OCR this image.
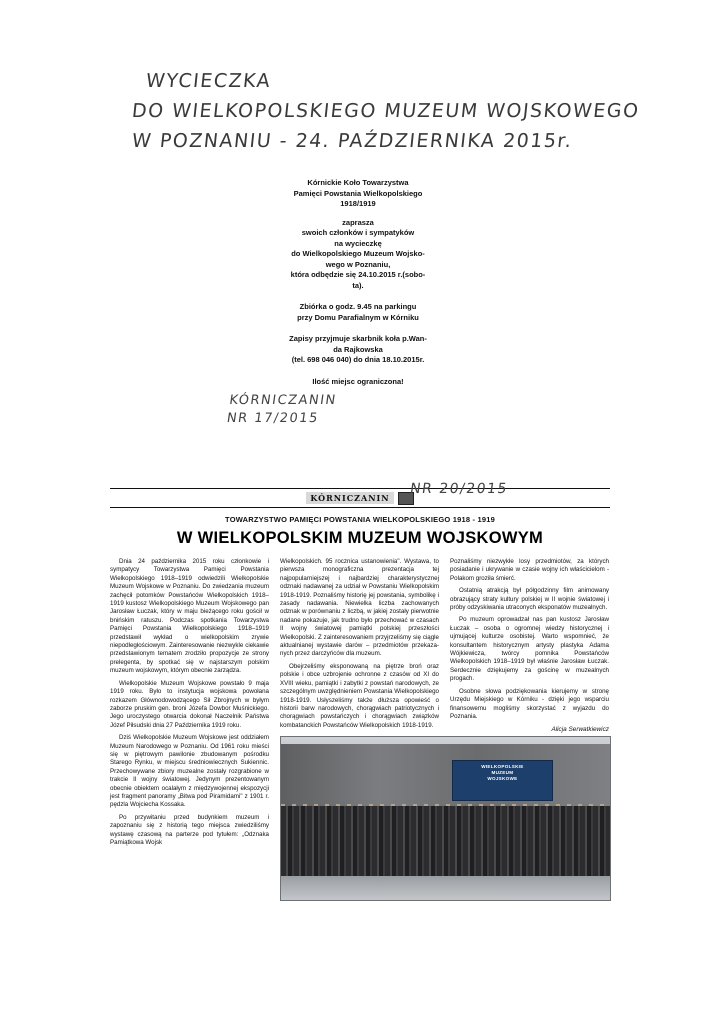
WYCIECZKA
DO WIELKOPOLSKIEGO MUZEUM WOJSKOWEGO
W POZNANIU - 24. PAŹDZIERNIKA 2015r.
Kórnickie Koło Towarzystwa
Pamięci Powstania Wielkopolskiego
1918/1919
zaprasza
swoich członków i sympatyków
na wycieczkę
do Wielkopolskiego Muzeum Wojsko-
wego w Poznaniu,
która odbędzie się 24.10.2015 r.(sobo-
ta).
Zbiórka o godz. 9.45 na parkingu
przy Domu Parafialnym w Kórniku
Zapisy przyjmuje skarbnik koła p.Wan-
da Rajkowska
(tel. 698 046 040) do dnia 18.10.2015r.
Ilość miejsc ograniczona!
KÓRNICZANIN
NR 17/2015
KÓRNICZANIN
NR 20/2015
TOWARZYSTWO PAMIĘCI POWSTANIA WIELKOPOLSKIEGO 1918 - 1919
W WIELKOPOLSKIM MUZEUM WOJSKOWYM

Dnia 24 października 2015 roku członkowie i sympatycy Towarzystwa Pamięci Powstania Wielkopolskiego 1918–1919 odwiedzili Wielkopolskie Muzeum Wojskowe w Poznaniu. Do zwiedzania muzeum zachęcił potomków Powstańców Wielkopolskich 1918–1919 kustosz Wielkopolskiego Muzeum Wojskowego pan Jarosław Łuczak, który w maju bieżącego roku gościł w bnińskim ratuszu. Podczas spotkania Towarzystwa Pamięci Powstania Wielkopolskiego 1918–1919 przedstawił wykład o wielkopolskim zrywie niepodległościowym. Zainteresowanie niezwykle ciekawie przedstawionym tematem zrodziło propozycje ze strony prelegenta, by spotkać się w najstarszym polskim muzeum wojskowym, którym obecnie zarządza.

Wielkopolskie Muzeum Wojskowe powstało 9 maja 1919 roku. Było to instytucja wojskowa powołana rozkazem Głównodowodzącego Sił Zbrojnych w byłym zaborze pruskim gen. broni Józefa Dowbor Muśnickiego. Jego uroczystego otwarcia dokonał Naczelnik Państwa Józef Piłsudski dnia 27 Października 1919 roku.

Dziś Wielkopolskie Muzeum Wojskowe jest oddziałem Muzeum Narodowego w Poznaniu. Od 1961 roku mieści się w piętrowym pawilonie zbudowanym pośrodku Starego Rynku, w miejscu średniowiecznych Sukiennic. Przechowywane zbiory muzealne zostały rozgrabione w trakcie II wojny światowej. Jedynym prezentowanym obecnie obiektem ocalałym z międzywojennej ekspozycji jest fragment panoramy „Bitwa pod Piramidami" z 1901 r. pędzla Wojciecha Kossaka.

Po przywitaniu przed budynkiem muzeum i zapoznaniu się z historią tego miejsca zwiedziliśmy wystawę czasową na parterze pod tytułem: „Odznaka Pamiątkowa Wojsk

Wielkopolskich. 95 rocznica ustanowienia". Wystawa, to pierwsza monograficzna prezentacja tej najpopularniejszej i najbardziej charakterystycznej odznaki nadawanej za udział w Powstaniu Wielkopolskim 1918-1919. Poznaliśmy historię jej powstania, symbolikę i zasady nadawania. Niewielka liczba zachowanych odznak w porównaniu z liczbą, w jakiej zostały pierwotnie nadane pokazuje, jak trudno było przechować w czasach II wojny światowej pamiątki polskiej przeszłości Wielkopolski. Z zainteresowaniem przyjrzeliśmy się ciągle aktualnianej wystawie darów – przedmiotów przekazanych przez darczyńców dla muzeum.

Obejrzeliśmy eksponowaną na piętrze broń oraz polskie i obce uzbrojenie ochronne z czasów od XI do XVIII wieku, pamiątki i zabytki z powstań narodowych, ze szczególnym uwzględnieniem Powstania Wielkopolskiego 1918-1919. Usłyszeliśmy także dłuższa opowieść o historii barw narodowych, chorągwiach patriotycznych i chorągwiach powstańczych i chorągwiach związków kombatanckich Powstańców Wielkopolskich 1918-1919.

WIELKOPOLSKIE
MUZEUM
WOJSKOWE

Poznaliśmy niezwykłe losy przedmiotów, za których posiadanie i ukrywanie w czasie wojny ich właścicielom - Polakom groziła śmierć.

Ostatnią atrakcją był półgodzinny film animowany obrazujący straty kultury polskiej w II wojnie światowej i próby odzyskiwania utraconych eksponatów muzealnych.

Po muzeum oprowadzał nas pan kustosz Jarosław Łuczak – osoba o ogromnej wiedzy historycznej i ujmującej kulturze osobistej. Warto wspomnieć, że konsultantem historycznym artysty plastyka Adama Wójkiewicza, twórcy pomnika Powstańców Wielkopolskich 1918–1919 był właśnie Jarosław Łuczak. Serdecznie dziękujemy za gościnę w muzealnych progach.

Osobne słowa podziękowania kierujemy w stronę Urzędu Miejskiego w Kórniku - dzięki jego wsparciu finansowemu mogliśmy skorzystać z wyjazdu do Poznania.

Alicja Serwatkiewicz
